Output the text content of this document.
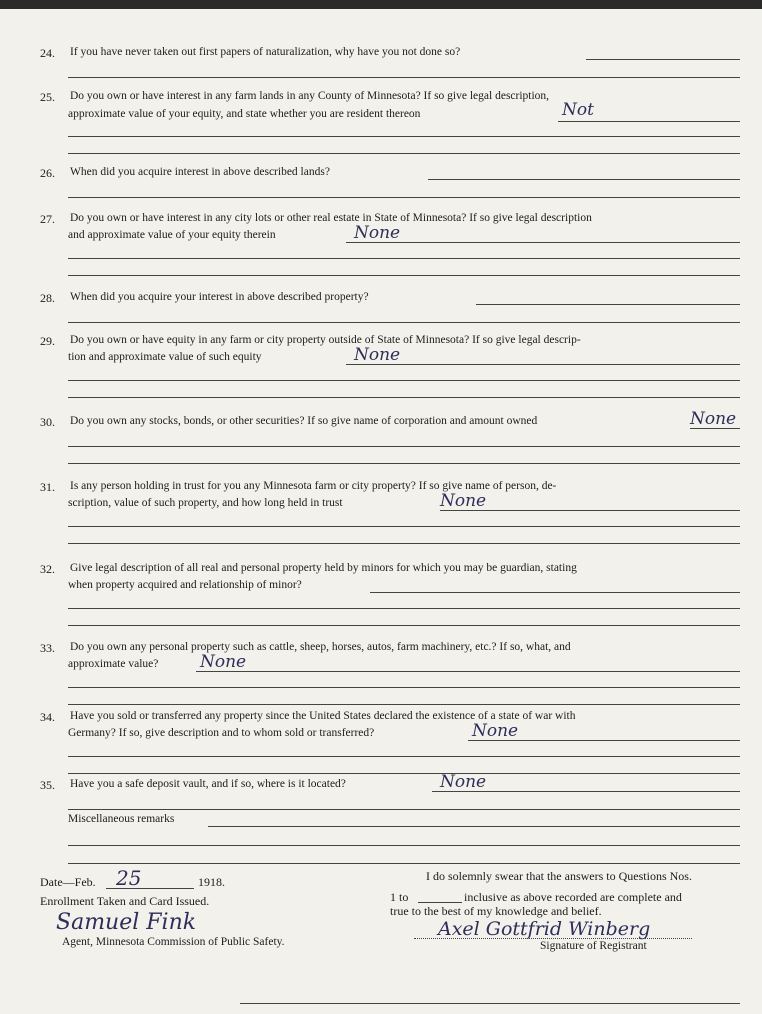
24. If you have never taken out first papers of naturalization, why have you not done so?
25. Do you own or have interest in any farm lands in any County of Minnesota? If so give legal description,
approximate value of your equity, and state whether you are resident thereon	Not
26. When did you acquire interest in above described lands?
27. Do you own or have interest in any city lots or other real estate in State of Minnesota? If so give legal description
and approximate value of your equity therein	None
28. When did you acquire your interest in above described property?
29. Do you own or have equity in any farm or city property outside of State of Minnesota? If so give legal descrip-
tion and approximate value of such equity	None
30. Do you own any stocks, bonds, or other securities? If so give name of corporation and amount owned	None
31. Is any person holding in trust for you any Minnesota farm or city property? If so give name of person, de-
scription, value of such property, and how long held in trust	None
32. Give legal description of all real and personal property held by minors for which you may be guardian, stating
when property acquired and relationship of minor?
33. Do you own any personal property such as cattle, sheep, horses, autos, farm machinery, etc.? If so, what, and
approximate value? None
34. Have you sold or transferred any property since the United States declared the existence of a state of war with
Germany? If so, give description and to whom sold or transferred?	None
35. Have you a safe deposit vault, and if so, where is it located?	None
Miscellaneous remarks
Date—Feb. 25	1918.
Enrollment Taken and Card Issued.
Samuel Fink
Agent, Minnesota Commission of Public Safety.
I do solemnly swear that the answers to Questions Nos.
1 to	inclusive as above recorded are complete and
true to the best of my knowledge and belief.
Axel Gottfrid Winberg
Signature of Registrant
